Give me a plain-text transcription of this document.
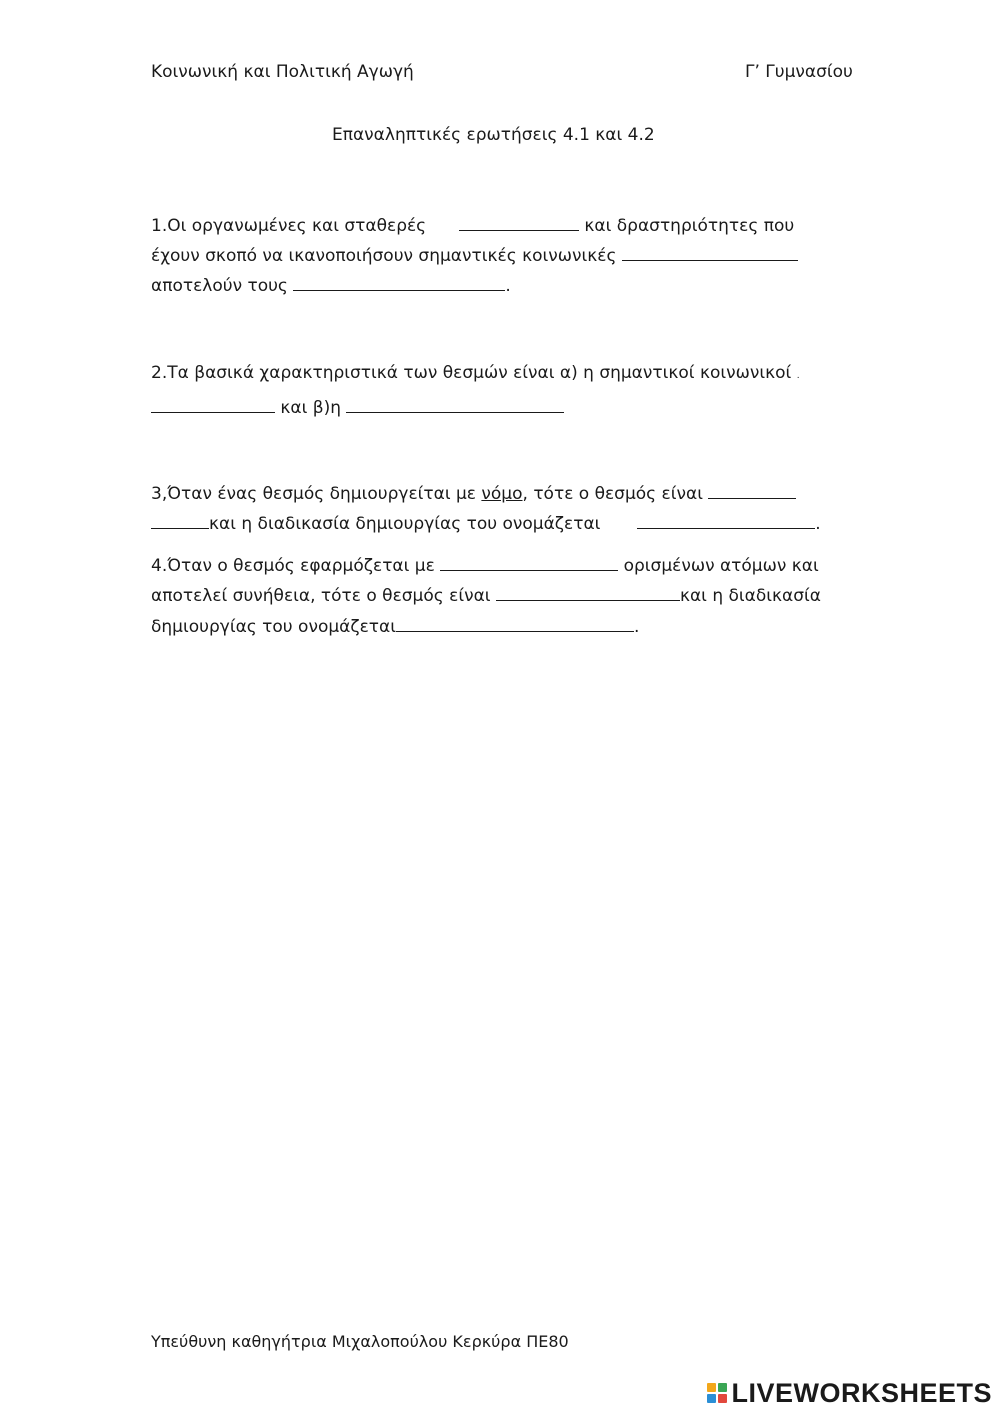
Κοινωνική και Πολιτική Αγωγή	Γ’ Γυμνασίου
Επαναληπτικές ερωτήσεις 4.1 και 4.2
1.Οι οργανωμένες και σταθερές	και δραστηριότητες που
έχουν σκοπό να ικανοποιήσουν σημαντικές κοινωνικές
αποτελούν τους	.
2.Τα βασικά χαρακτηριστικά των θεσμών είναι α) η σημαντικοί κοινωνικοί .
και β)η
3,Όταν ένας θεσμός δημιουργείται με νόμο, τότε ο θεσμός είναι
και η διαδικασία δημιουργίας του ονομάζεται	.
4.Όταν ο θεσμός εφαρμόζεται με	ορισμένων ατόμων και
αποτελεί συνήθεια, τότε ο θεσμός είναι	και η διαδικασία
δημιουργίας του ονομάζεται	.
Υπεύθυνη καθηγήτρια Μιχαλοπούλου Κερκύρα ΠΕ80
LIVEWORKSHEETS
